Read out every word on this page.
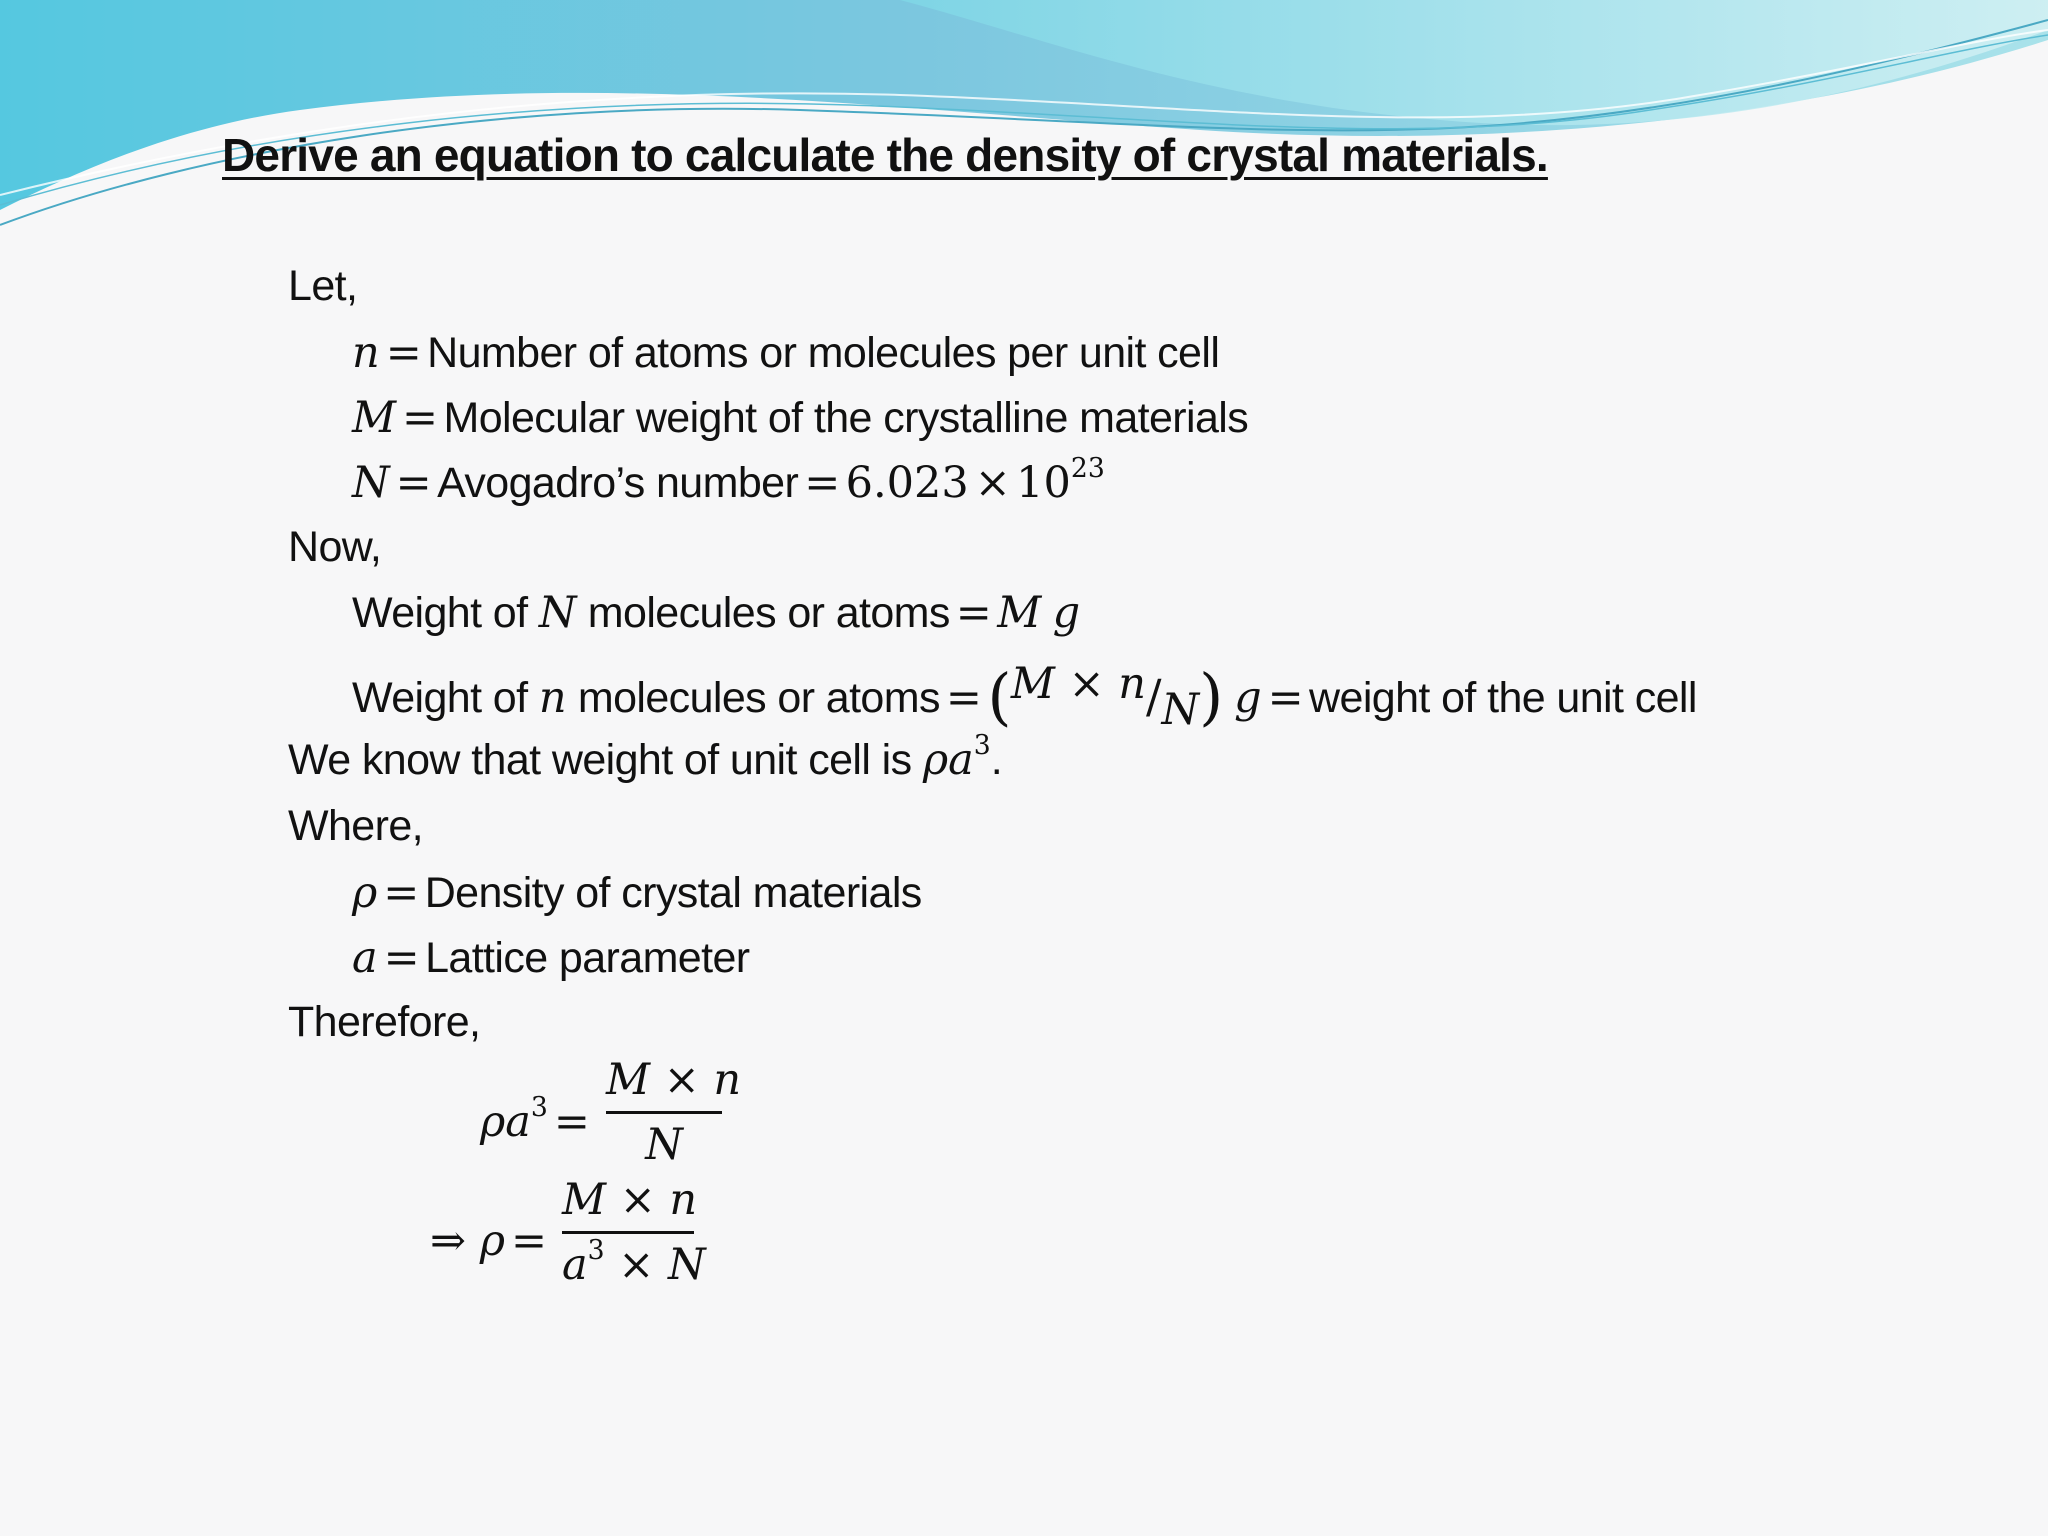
Derive an equation to calculate the density of crystal materials.
Let,
n = Number of atoms or molecules per unit cell
M = Molecular weight of the crystalline materials
N = Avogadro’s number = $6.023 \times 10^{23}$
Now,
Weight of N molecules or atoms = M g
Weight of n molecules or atoms =(M × n/N) g = weight of the unit cell
We know that weight of unit cell is $\rho a^3$.
Where,
ρ = Density of crystal materials
a = Lattice parameter
Therefore,
$\rho a^3$ =
M × n
N
⇒ ρ =
M × n
$a^3 \times N$
